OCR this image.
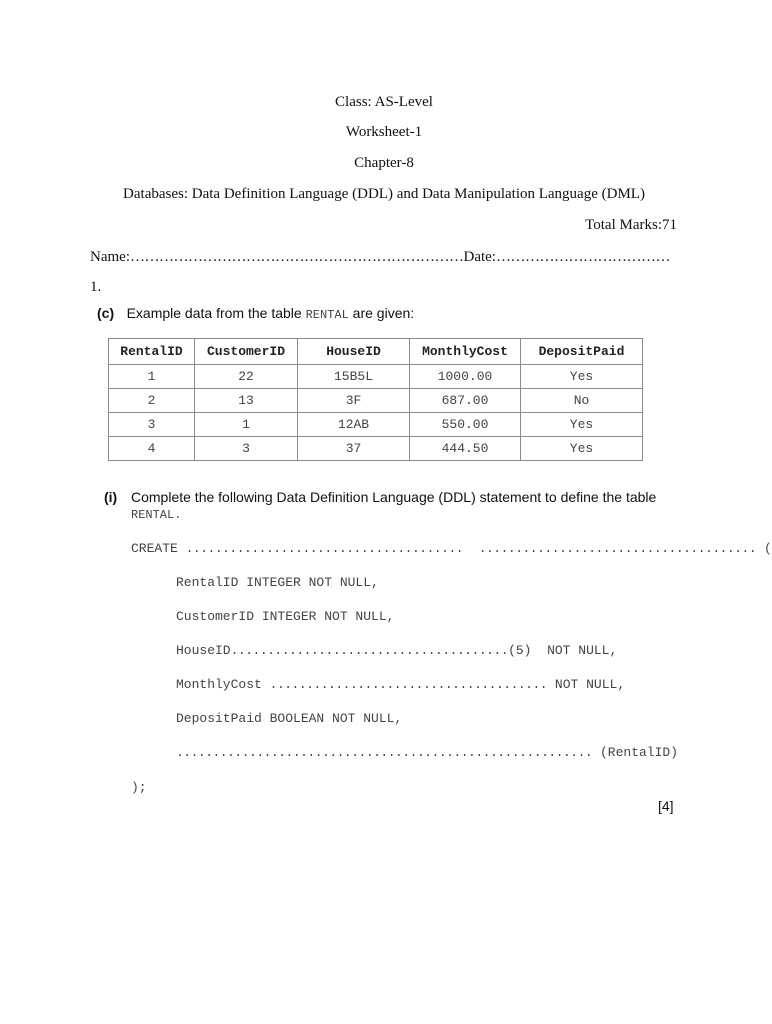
Class: AS-Level
Worksheet-1
Chapter-8
Databases: Data Definition Language (DDL) and Data Manipulation Language (DML)
Total Marks:71
Name:……………………………………………………………Date:………………………………
1.
(c) Example data from the table RENTAL are given:
RentalID	CustomerID	HouseID	MonthlyCost	DepositPaid
1	22	15B5L	1000.00	Yes
2	13	3F	687.00	No
3	1	12AB	550.00	Yes
4	3	37	444.50	Yes
(i) Complete the following Data Definition Language (DDL) statement to define the table
RENTAL.
CREATE ...................................... ...................................... (
RentalID INTEGER NOT NULL,
CustomerID INTEGER NOT NULL,
HouseID......................................(5)  NOT NULL,
MonthlyCost ...................................... NOT NULL,
DepositPaid BOOLEAN NOT NULL,
......................................................... (RentalID)
);
[4]
